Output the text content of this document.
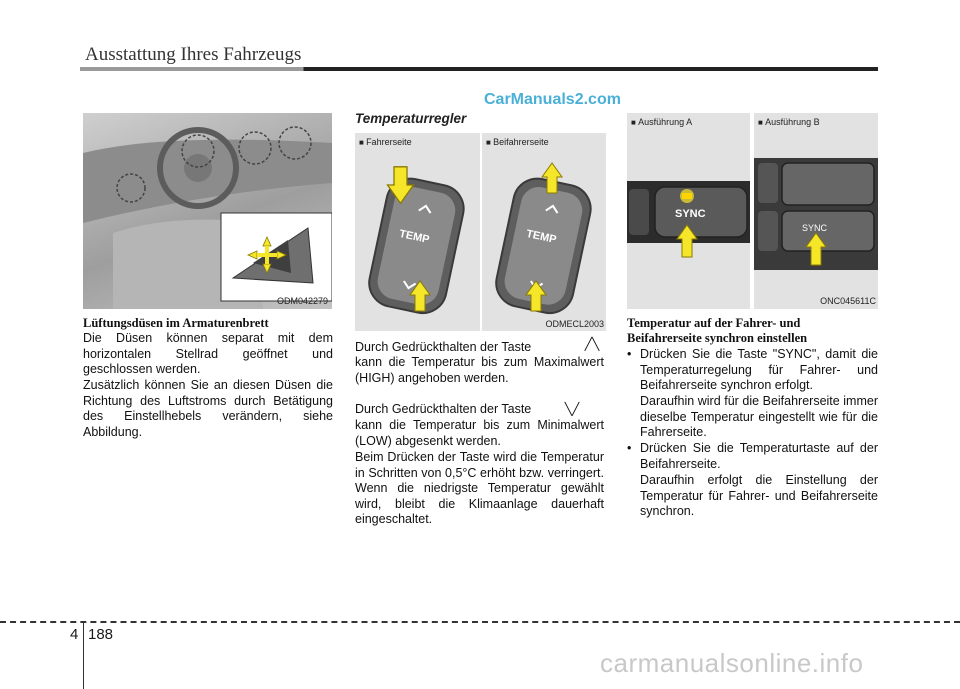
Ausstattung Ihres Fahrzeugs
CarManuals2.com
ODM042279
Lüftungsdüsen im Armaturenbrett

Die Düsen können separat mit dem horizontalen Stellrad geöffnet und geschlossen werden.

Zusätzlich können Sie an diesen Düsen die Richtung des Luftstroms durch Betätigung des Einstellhebels verändern, siehe Abbildung.

Temperaturregler
■ Fahrerseite
TEMP
■ Beifahrerseite
TEMP
ODMECL2003
Durch Gedrückthalten der Taste	╱╲

kann die Temperatur bis zum Maximalwert (HIGH) angehoben werden.

Durch Gedrückthalten der Taste	╲╱

kann die Temperatur bis zum Minimalwert (LOW) abgesenkt werden.

Beim Drücken der Taste wird die Temperatur in Schritten von 0,5°C erhöht bzw. verringert. Wenn die niedrigste Temperatur gewählt wird, bleibt die Klimaanlage dauerhaft eingeschaltet.

■ Ausführung A
SYNC
■ Ausführung B
SYNC
ONC045611C
Temperatur auf der Fahrer- und Beifahrerseite synchron einstellen
• Drücken Sie die Taste "SYNC", damit die Temperaturregelung für Fahrer- und Beifahrerseite synchron erfolgt.

Daraufhin wird für die Beifahrerseite immer dieselbe Temperatur eingestellt wie für die Fahrerseite.

• Drücken Sie die Temperaturtaste auf der Beifahrerseite.

Daraufhin erfolgt die Einstellung der Temperatur für Fahrer- und Beifahrerseite synchron.

4 188
carmanualsonline.info
